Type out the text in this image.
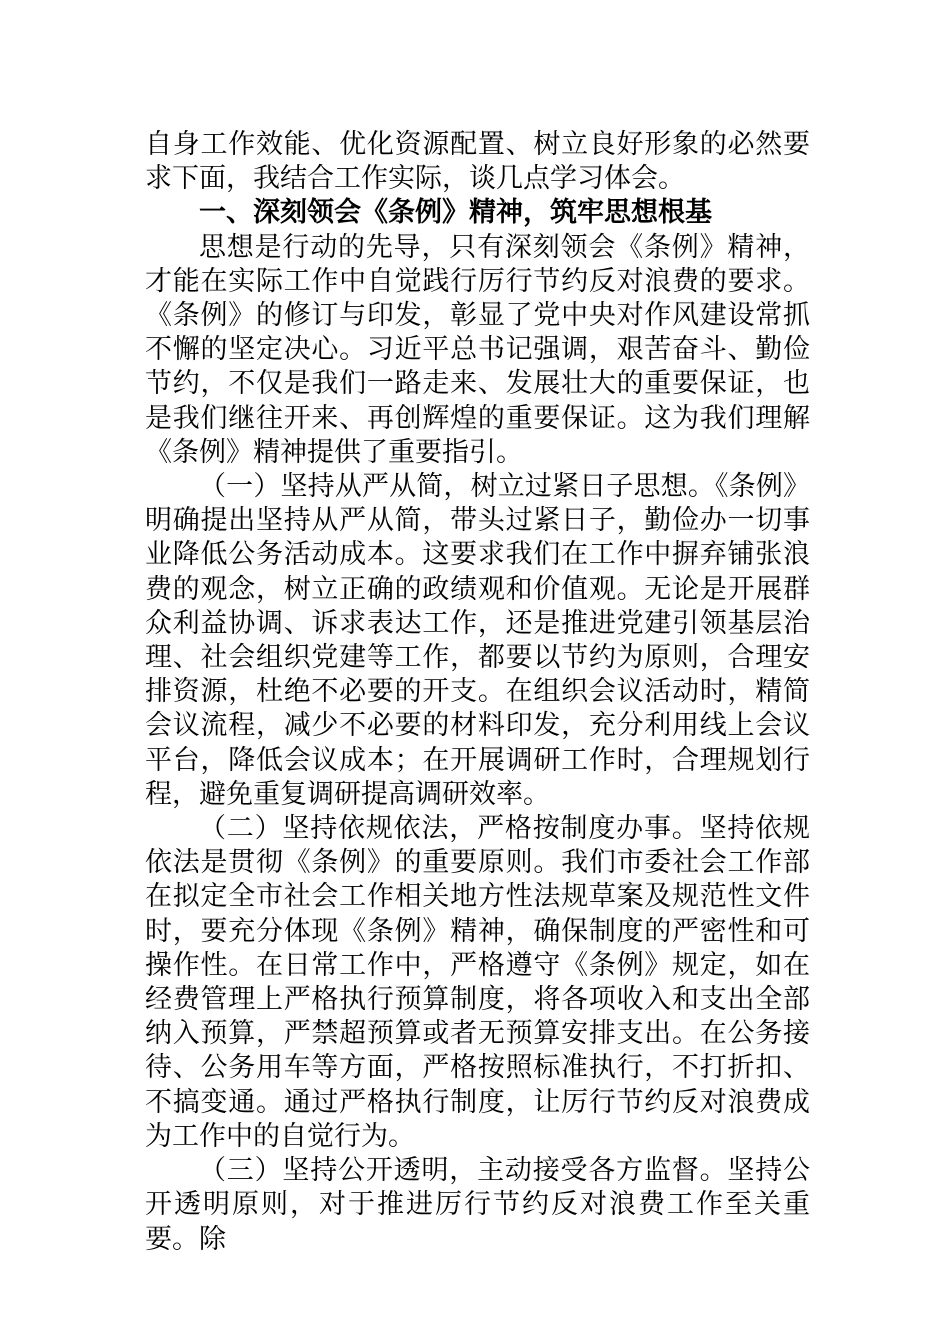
自身工作效能、优化资源配置、树立良好形象的必然要求下面，我结合工作实际，谈几点学习体会。

一、深刻领会《条例》精神，筑牢思想根基

思想是行动的先导，只有深刻领会《条例》精神，才能在实际工作中自觉践行厉行节约反对浪费的要求。《条例》的修订与印发，彰显了党中央对作风建设常抓不懈的坚定决心。习近平总书记强调，艰苦奋斗、勤俭节约，不仅是我们一路走来、发展壮大的重要保证，也是我们继往开来、再创辉煌的重要保证。这为我们理解《条例》精神提供了重要指引。

（一）坚持从严从简，树立过紧日子思想。《条例》明确提出坚持从严从简，带头过紧日子，勤俭办一切事业降低公务活动成本。这要求我们在工作中摒弃铺张浪费的观念，树立正确的政绩观和价值观。无论是开展群众利益协调、诉求表达工作，还是推进党建引领基层治理、社会组织党建等工作，都要以节约为原则，合理安排资源，杜绝不必要的开支。在组织会议活动时，精简会议流程，减少不必要的材料印发，充分利用线上会议平台，降低会议成本；在开展调研工作时，合理规划行程，避免重复调研提高调研效率。

（二）坚持依规依法，严格按制度办事。坚持依规依法是贯彻《条例》的重要原则。我们市委社会工作部在拟定全市社会工作相关地方性法规草案及规范性文件时，要充分体现《条例》精神，确保制度的严密性和可操作性。在日常工作中，严格遵守《条例》规定，如在经费管理上严格执行预算制度，将各项收入和支出全部纳入预算，严禁超预算或者无预算安排支出。在公务接待、公务用车等方面，严格按照标准执行，不打折扣、不搞变通。通过严格执行制度，让厉行节约反对浪费成为工作中的自觉行为。

（三）坚持公开透明，主动接受各方监督。坚持公开透明原则，对于推进厉行节约反对浪费工作至关重要。除
